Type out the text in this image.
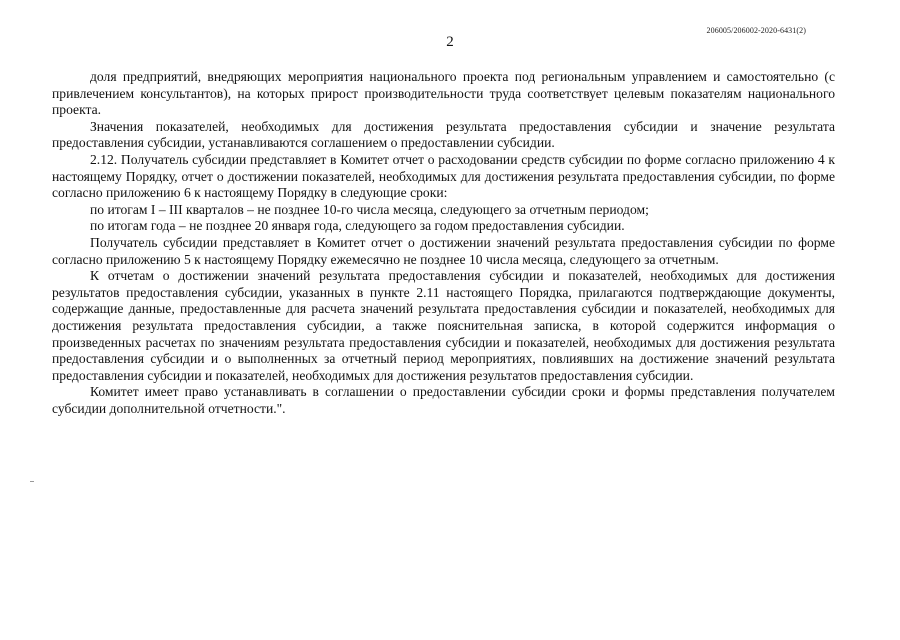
206005/206002-2020-6431(2)
2

доля предприятий, внедряющих мероприятия национального проекта под региональным управлением и самостоятельно (с привлечением консультантов), на которых прирост производительности труда соответствует целевым показателям национального проекта.

Значения показателей, необходимых для достижения результата предоставления субсидии и значение результата предоставления субсидии, устанавливаются соглашением о предоставлении субсидии.

2.12. Получатель субсидии представляет в Комитет отчет о расходовании средств субсидии по форме согласно приложению 4 к настоящему Порядку, отчет о достижении показателей, необходимых для достижения результата предоставления субсидии, по форме согласно приложению 6 к настоящему Порядку в следующие сроки:

по итогам I – III кварталов – не позднее 10-го числа месяца, следующего за отчетным периодом;

по итогам года – не позднее 20 января года, следующего за годом предоставления субсидии.

Получатель субсидии представляет в Комитет отчет о достижении значений результата предоставления субсидии по форме согласно приложению 5 к настоящему Порядку ежемесячно не позднее 10 числа месяца, следующего за отчетным.

К отчетам о достижении значений результата предоставления субсидии и показателей, необходимых для достижения результатов предоставления субсидии, указанных в пункте 2.11 настоящего Порядка, прилагаются подтверждающие документы, содержащие данные, предоставленные для расчета значений результата предоставления субсидии и показателей, необходимых для достижения результата предоставления субсидии, а также пояснительная записка, в которой содержится информация о произведенных расчетах по значениям результата предоставления субсидии и показателей, необходимых для достижения результата предоставления субсидии и о выполненных за отчетный период мероприятиях, повлиявших на достижение значений результата предоставления субсидии и показателей, необходимых для достижения результатов предоставления субсидии.

Комитет имеет право устанавливать в соглашении о предоставлении субсидии сроки и формы представления получателем субсидии дополнительной отчетности.".
